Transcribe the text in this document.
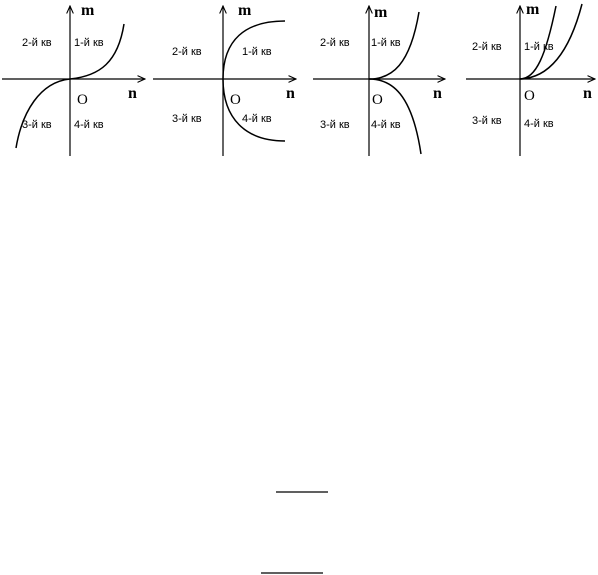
m
n
O
2-й кв 1-й кв
3-й кв 4-й кв
m
n
O
2-й кв	1-й кв
3-й кв	4-й кв
m
n
O
2-й кв 1-й кв
3-й кв 4-й кв
m
n
O
2-й кв 1-й кв
3-й кв 4-й кв
